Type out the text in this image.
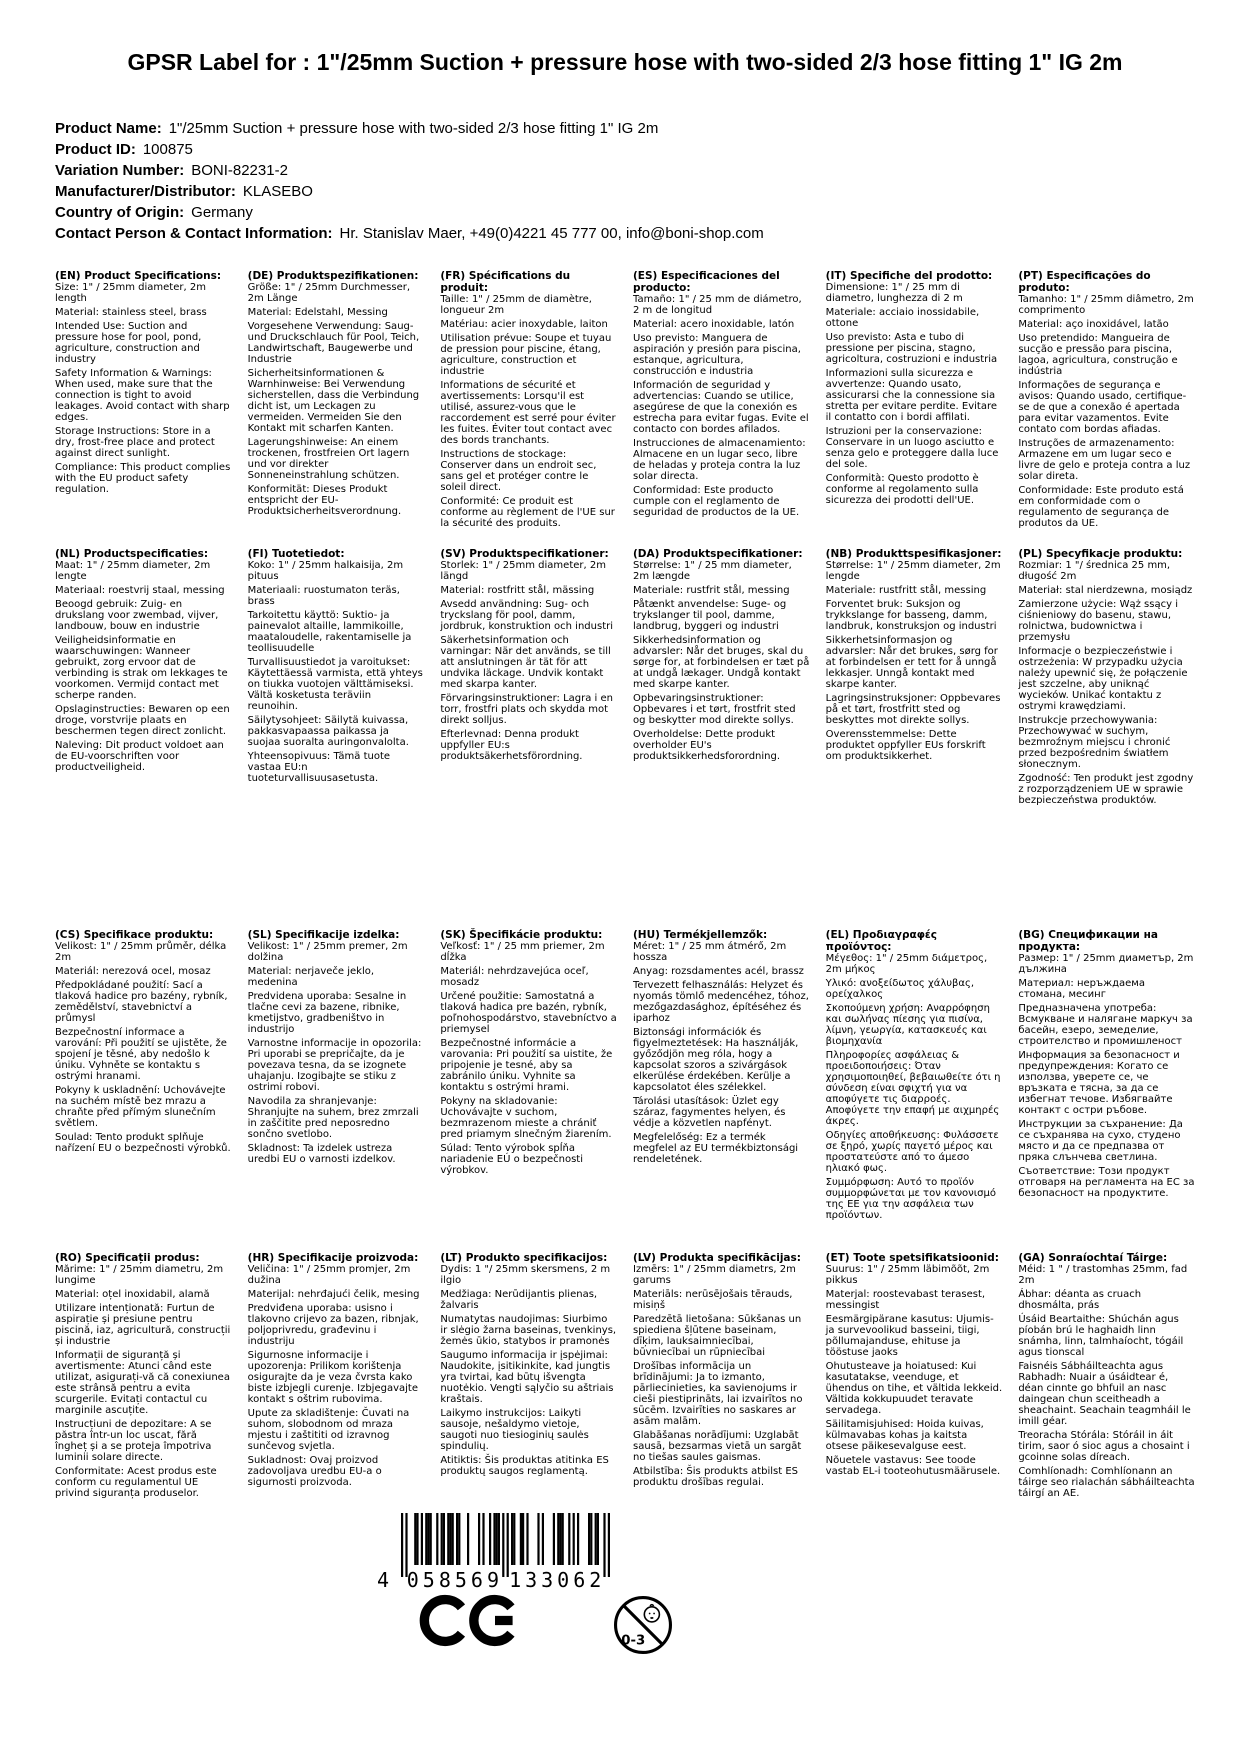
GPSR Label for : 1"/25mm Suction + pressure hose with two-sided 2/3 hose fitting 1" IG 2m
Product Name: 1"/25mm Suction + pressure hose with two-sided 2/3 hose fitting 1" IG 2m
Product ID: 100875
Variation Number: BONI-82231-2
Manufacturer/Distributor: KLASEBO
Country of Origin: Germany
Contact Person & Contact Information: Hr. Stanislav Maer, +49(0)4221 45 777 00, info@boni-shop.com
(EN) Product Specifications:

Size: 1" / 25mm diameter, 2m length

Material: stainless steel, brass

Intended Use: Suction and pressure hose for pool, pond, agriculture, construction and industry

Safety Information & Warnings: When used, make sure that the connection is tight to avoid leakages. Avoid contact with sharp edges.

Storage Instructions: Store in a dry, frost-free place and protect against direct sunlight.

Compliance: This product complies with the EU product safety regulation.

(DE) Produktspezifikationen:

Größe: 1" / 25mm Durchmesser, 2m Länge

Material: Edelstahl, Messing

Vorgesehene Verwendung: Saug- und Druckschlauch für Pool, Teich, Landwirtschaft, Baugewerbe und Industrie

Sicherheitsinformationen & Warnhinweise: Bei Verwendung sicherstellen, dass die Verbindung dicht ist, um Leckagen zu vermeiden. Vermeiden Sie den Kontakt mit scharfen Kanten.

Lagerungshinweise: An einem trockenen, frostfreien Ort lagern und vor direkter Sonneneinstrahlung schützen.

Konformität: Dieses Produkt entspricht der EU-Produktsicherheitsverordnung.

(FR) Spécifications du produit:

Taille: 1" / 25mm de diamètre, longueur 2m

Matériau: acier inoxydable, laiton

Utilisation prévue: Soupe et tuyau de pression pour piscine, étang, agriculture, construction et industrie

Informations de sécurité et avertissements: Lorsqu'il est utilisé, assurez-vous que le raccordement est serré pour éviter les fuites. Éviter tout contact avec des bords tranchants.

Instructions de stockage: Conserver dans un endroit sec, sans gel et protéger contre le soleil direct.

Conformité: Ce produit est conforme au règlement de l'UE sur la sécurité des produits.

(ES) Especificaciones del producto:

Tamaño: 1" / 25 mm de diámetro, 2 m de longitud

Material: acero inoxidable, latón

Uso previsto: Manguera de aspiración y presión para piscina, estanque, agricultura, construcción e industria

Información de seguridad y advertencias: Cuando se utilice, asegúrese de que la conexión es estrecha para evitar fugas. Evite el contacto con bordes afilados.

Instrucciones de almacenamiento: Almacene en un lugar seco, libre de heladas y proteja contra la luz solar directa.

Conformidad: Este producto cumple con el reglamento de seguridad de productos de la UE.

(IT) Specifiche del prodotto:

Dimensione: 1" / 25 mm di diametro, lunghezza di 2 m

Materiale: acciaio inossidabile, ottone

Uso previsto: Asta e tubo di pressione per piscina, stagno, agricoltura, costruzioni e industria

Informazioni sulla sicurezza e avvertenze: Quando usato, assicurarsi che la connessione sia stretta per evitare perdite. Evitare il contatto con i bordi affilati.

Istruzioni per la conservazione: Conservare in un luogo asciutto e senza gelo e proteggere dalla luce del sole.

Conformità: Questo prodotto è conforme al regolamento sulla sicurezza dei prodotti dell'UE.

(PT) Especificações do produto:

Tamanho: 1" / 25mm diâmetro, 2m comprimento

Material: aço inoxidável, latão

Uso pretendido: Mangueira de sucção e pressão para piscina, lagoa, agricultura, construção e indústria

Informações de segurança e avisos: Quando usado, certifique-se de que a conexão é apertada para evitar vazamentos. Evite contato com bordas afiadas.

Instruções de armazenamento: Armazene em um lugar seco e livre de gelo e proteja contra a luz solar direta.

Conformidade: Este produto está em conformidade com o regulamento de segurança de produtos da UE.

(NL) Productspecificaties:

Maat: 1" / 25mm diameter, 2m lengte

Materiaal: roestvrij staal, messing

Beoogd gebruik: Zuig- en drukslang voor zwembad, vijver, landbouw, bouw en industrie

Veiligheidsinformatie en waarschuwingen: Wanneer gebruikt, zorg ervoor dat de verbinding is strak om lekkages te voorkomen. Vermijd contact met scherpe randen.

Opslaginstructies: Bewaren op een droge, vorstvrije plaats en beschermen tegen direct zonlicht.

Naleving: Dit product voldoet aan de EU-voorschriften voor productveiligheid.

(FI) Tuotetiedot:

Koko: 1" / 25mm halkaisija, 2m pituus

Materiaali: ruostumaton teräs, brass

Tarkoitettu käyttö: Suktio- ja painevalot altaille, lammikoille, maataloudelle, rakentamiselle ja teollisuudelle

Turvallisuustiedot ja varoitukset: Käytettäessä varmista, että yhteys on tiukka vuotojen välttämiseksi. Vältä kosketusta teräviin reunoihin.

Säilytysohjeet: Säilytä kuivassa, pakkasvapaassa paikassa ja suojaa suoralta auringonvalolta.

Yhteensopivuus: Tämä tuote vastaa EU:n tuoteturvallisuusasetusta.

(SV) Produktspecifikationer:

Storlek: 1" / 25mm diameter, 2m längd

Material: rostfritt stål, mässing

Avsedd användning: Sug- och tryckslang för pool, damm, jordbruk, konstruktion och industri

Säkerhetsinformation och varningar: När det används, se till att anslutningen är tät för att undvika läckage. Undvik kontakt med skarpa kanter.

Förvaringsinstruktioner: Lagra i en torr, frostfri plats och skydda mot direkt solljus.

Efterlevnad: Denna produkt uppfyller EU:s produktsäkerhetsförordning.

(DA) Produktspecifikationer:

Størrelse: 1" / 25 mm diameter, 2m længde

Materiale: rustfrit stål, messing

Påtænkt anvendelse: Suge- og trykslanger til pool, damme, landbrug, byggeri og industri

Sikkerhedsinformation og advarsler: Når det bruges, skal du sørge for, at forbindelsen er tæt på at undgå lækager. Undgå kontakt med skarpe kanter.

Opbevaringsinstruktioner: Opbevares i et tørt, frostfrit sted og beskytter mod direkte sollys.

Overholdelse: Dette produkt overholder EU's produktsikkerhedsforordning.

(NB) Produkttspesifikasjoner:

Størrelse: 1" / 25mm diameter, 2m lengde

Materiale: rustfritt stål, messing

Forventet bruk: Suksjon og trykkslange for basseng, damm, landbruk, konstruksjon og industri

Sikkerhetsinformasjon og advarsler: Når det brukes, sørg for at forbindelsen er tett for å unngå lekkasjer. Unngå kontakt med skarpe kanter.

Lagringsinstruksjoner: Oppbevares på et tørt, frostfritt sted og beskyttes mot direkte sollys.

Overensstemmelse: Dette produktet oppfyller EUs forskrift om produktsikkerhet.

(PL) Specyfikacje produktu:

Rozmiar: 1 "/ średnica 25 mm, długość 2m

Materiał: stal nierdzewna, mosiądz

Zamierzone użycie: Wąż ssący i ciśnieniowy do basenu, stawu, rolnictwa, budownictwa i przemysłu

Informacje o bezpieczeństwie i ostrzeżenia: W przypadku użycia należy upewnić się, że połączenie jest szczelne, aby uniknąć wycieków. Unikać kontaktu z ostrymi krawędziami.

Instrukcje przechowywania: Przechowywać w suchym, bezmroźnym miejscu i chronić przed bezpośrednim światłem słonecznym.

Zgodność: Ten produkt jest zgodny z rozporządzeniem UE w sprawie bezpieczeństwa produktów.

(CS) Specifikace produktu:

Velikost: 1" / 25mm průměr, délka 2m

Materiál: nerezová ocel, mosaz

Předpokládané použití: Sací a tlaková hadice pro bazény, rybník, zemědělství, stavebnictví a průmysl

Bezpečnostní informace a varování: Při použití se ujistěte, že spojení je těsné, aby nedošlo k úniku. Vyhněte se kontaktu s ostrými hranami.

Pokyny k uskladnění: Uchovávejte na suchém místě bez mrazu a chraňte před přímým slunečním světlem.

Soulad: Tento produkt splňuje nařízení EU o bezpečnosti výrobků.

(SL) Specifikacije izdelka:

Velikost: 1" / 25mm premer, 2m dolžina

Material: nerjaveče jeklo, medenina

Predvidena uporaba: Sesalne in tlačne cevi za bazene, ribnike, kmetijstvo, gradbeništvo in industrijo

Varnostne informacije in opozorila: Pri uporabi se prepričajte, da je povezava tesna, da se izognete uhajanju. Izogibajte se stiku z ostrimi robovi.

Navodila za shranjevanje: Shranjujte na suhem, brez zmrzali in zaščitite pred neposredno sončno svetlobo.

Skladnost: Ta izdelek ustreza uredbi EU o varnosti izdelkov.

(SK) Špecifikácie produktu:

Veľkosť: 1" / 25 mm priemer, 2m dĺžka

Materiál: nehrdzavejúca oceľ, mosadz

Určené použitie: Samostatná a tlaková hadica pre bazén, rybník, poľnohospodárstvo, stavebníctvo a priemysel

Bezpečnostné informácie a varovania: Pri použití sa uistite, že pripojenie je tesné, aby sa zabránilo úniku. Vyhnite sa kontaktu s ostrými hrami.

Pokyny na skladovanie: Uchovávajte v suchom, bezmrazenom mieste a chrániť pred priamym slnečným žiarením.

Súlad: Tento výrobok spĺňa nariadenie EÚ o bezpečnosti výrobkov.

(HU) Termékjellemzők:

Méret: 1" / 25 mm átmérő, 2m hossza

Anyag: rozsdamentes acél, brassz

Tervezett felhasználás: Helyzet és nyomás tömlő medencéhez, tóhoz, mezőgazdasághoz, építéséhez és iparhoz

Biztonsági információk és figyelmeztetések: Ha használják, győződjön meg róla, hogy a kapcsolat szoros a szivárgások elkerülése érdekében. Kerülje a kapcsolatot éles szélekkel.

Tárolási utasítások: Üzlet egy száraz, fagymentes helyen, és védje a közvetlen napfényt.

Megfelelőség: Ez a termék megfelel az EU termékbiztonsági rendeletének.

(EL) Προδιαγραφές προϊόντος:

Μέγεθος: 1" / 25mm διάμετρος, 2m μήκος

Υλικό: ανοξείδωτος χάλυβας, ορείχαλκος

Σκοπούμενη χρήση: Αναρρόφηση και σωλήνας πίεσης για πισίνα, λίμνη, γεωργία, κατασκευές και βιομηχανία

Πληροφορίες ασφάλειας & προειδοποιήσεις: Όταν χρησιμοποιηθεί, βεβαιωθείτε ότι η σύνδεση είναι σφιχτή για να αποφύγετε τις διαρροές. Αποφύγετε την επαφή με αιχμηρές άκρες.

Οδηγίες αποθήκευσης: Φυλάσσετε σε ξηρό, χωρίς παγετό μέρος και προστατεύστε από το άμεσο ηλιακό φως.

Συμμόρφωση: Αυτό το προϊόν συμμορφώνεται με τον κανονισμό της ΕΕ για την ασφάλεια των προϊόντων.

(BG) Спецификации на продукта:

Размер: 1" / 25mm диаметър, 2m дължина

Материал: неръждаема стомана, месинг

Предназначена употреба: Всмукване и налягане маркуч за басейн, езеро, земеделие, строителство и промишленост

Информация за безопасност и предупреждения: Когато се използва, уверете се, че връзката е тясна, за да се избегнат течове. Избягвайте контакт с остри ръбове.

Инструкции за съхранение: Да се съхранява на сухо, студено място и да се предпазва от пряка слънчева светлина.

Съответствие: Този продукт отговаря на регламента на ЕС за безопасност на продуктите.

(RO) Specificații produs:

Mărime: 1" / 25mm diametru, 2m lungime

Material: oțel inoxidabil, alamă

Utilizare intenționată: Furtun de aspirație și presiune pentru piscină, iaz, agricultură, construcții și industrie

Informații de siguranță și avertismente: Atunci când este utilizat, asigurați-vă că conexiunea este strânsă pentru a evita scurgerile. Evitați contactul cu marginile ascuțite.

Instrucțiuni de depozitare: A se păstra într-un loc uscat, fără îngheț și a se proteja împotriva luminii solare directe.

Conformitate: Acest produs este conform cu regulamentul UE privind siguranța produselor.

(HR) Specifikacije proizvoda:

Veličina: 1" / 25mm promjer, 2m dužina

Materijal: nehrđajući čelik, mesing

Predviđena uporaba: usisno i tlakovno crijevo za bazen, ribnjak, poljoprivredu, građevinu i industriju

Sigurnosne informacije i upozorenja: Prilikom korištenja osigurajte da je veza čvrsta kako biste izbjegli curenje. Izbjegavajte kontakt s oštrim rubovima.

Upute za skladištenje: Čuvati na suhom, slobodnom od mraza mjestu i zaštititi od izravnog sunčevog svjetla.

Sukladnost: Ovaj proizvod zadovoljava uredbu EU-a o sigurnosti proizvoda.

(LT) Produkto specifikacijos:

Dydis: 1 "/ 25mm skersmens, 2 m ilgio

Medžiaga: Nerūdijantis plienas, žalvaris

Numatytas naudojimas: Siurbimo ir slėgio žarna baseinas, tvenkinys, žemės ūkio, statybos ir pramonės

Saugumo informacija ir įspėjimai: Naudokite, įsitikinkite, kad jungtis yra tvirtai, kad būtų išvengta nuotėkio. Vengti sąlyčio su aštriais kraštais.

Laikymo instrukcijos: Laikyti sausoje, nešaldymo vietoje, saugoti nuo tiesioginių saulės spindulių.

Atitiktis: Šis produktas atitinka ES produktų saugos reglamentą.

(LV) Produkta specifikācijas:

Izmērs: 1" / 25mm diametrs, 2m garums

Materiāls: nerūsējošais tērauds, misiņš

Paredzētā lietošana: Sūkšanas un spiediena šļūtene baseinam, dīķim, lauksaimniecībai, būvniecībai un rūpniecībai

Drošības informācija un brīdinājumi: Ja to izmanto, pārliecinieties, ka savienojums ir cieši piestiprināts, lai izvairītos no sūcēm. Izvairīties no saskares ar asām malām.

Glabāšanas norādījumi: Uzglabāt sausā, bezsarmas vietā un sargāt no tiešas saules gaismas.

Atbilstība: Šis produkts atbilst ES produktu drošības regulai.

(ET) Toote spetsifikatsioonid:

Suurus: 1" / 25mm läbimõõt, 2m pikkus

Materjal: roostevabast terasest, messingist

Eesmärgipärane kasutus: Ujumis- ja survevoolikud basseini, tiigi, põllumajanduse, ehituse ja tööstuse jaoks

Ohutusteave ja hoiatused: Kui kasutatakse, veenduge, et ühendus on tihe, et vältida lekkeid. Vältida kokkupuudet teravate servadega.

Säilitamisjuhised: Hoida kuivas, külmavabas kohas ja kaitsta otsese päikesevalguse eest.

Nõuetele vastavus: See toode vastab EL-i tooteohutusmäärusele.

(GA) Sonraíochtaí Táirge:

Méid: 1 " / trastomhas 25mm, fad 2m

Ábhar: déanta as cruach dhosmálta, prás

Úsáid Beartaithe: Shúchán agus píobán brú le haghaidh linn snámha, linn, talmhaíocht, tógáil agus tionscal

Faisnéis Sábháilteachta agus Rabhadh: Nuair a úsáidtear é, déan cinnte go bhfuil an nasc daingean chun sceitheadh a sheachaint. Seachain teagmháil le imill géar.

Treoracha Stórála: Stóráil in áit tirim, saor ó sioc agus a chosaint i gcoinne solas díreach.

Comhlíonadh: Comhlíonann an táirge seo rialachán sábháilteachta táirgí an AE.

4 058569 133062
0-3
